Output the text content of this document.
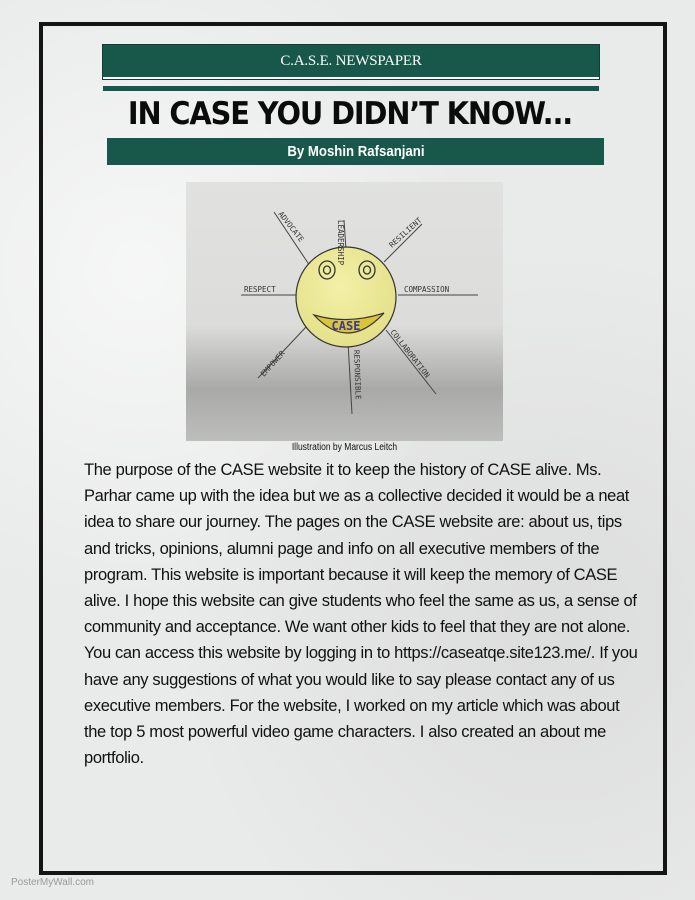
C.A.S.E. NEWSPAPER
IN CASE YOU DIDN’T KNOW...
By Moshin Rafsanjani
CASE
ADVOCATE	LEADERSHIP	RESILIENT
RESPECT	COMPASSION
EMPOWER	RESPONSIBLE	COLLABORATION
Illustration by Marcus Leitch

The purpose of the CASE website it to keep the history of CASE alive. Ms. Parhar came up with the idea but we as a collective decided it would be a neat idea to share our journey. The pages on the CASE website are: about us, tips and tricks, opinions, alumni page and info on all executive members of the program. This website is important because it will keep the memory of CASE alive. I hope this website can give students who feel the same as us, a sense of community and acceptance. We want other kids to feel that they are not alone. You can access this website by logging in to https://caseatqe.site123.me/. If you have any suggestions of what you would like to say please contact any of us executive members. For the website, I worked on my article which was about the top 5 most powerful video game characters. I also created an about me portfolio.

PosterMyWall.com
